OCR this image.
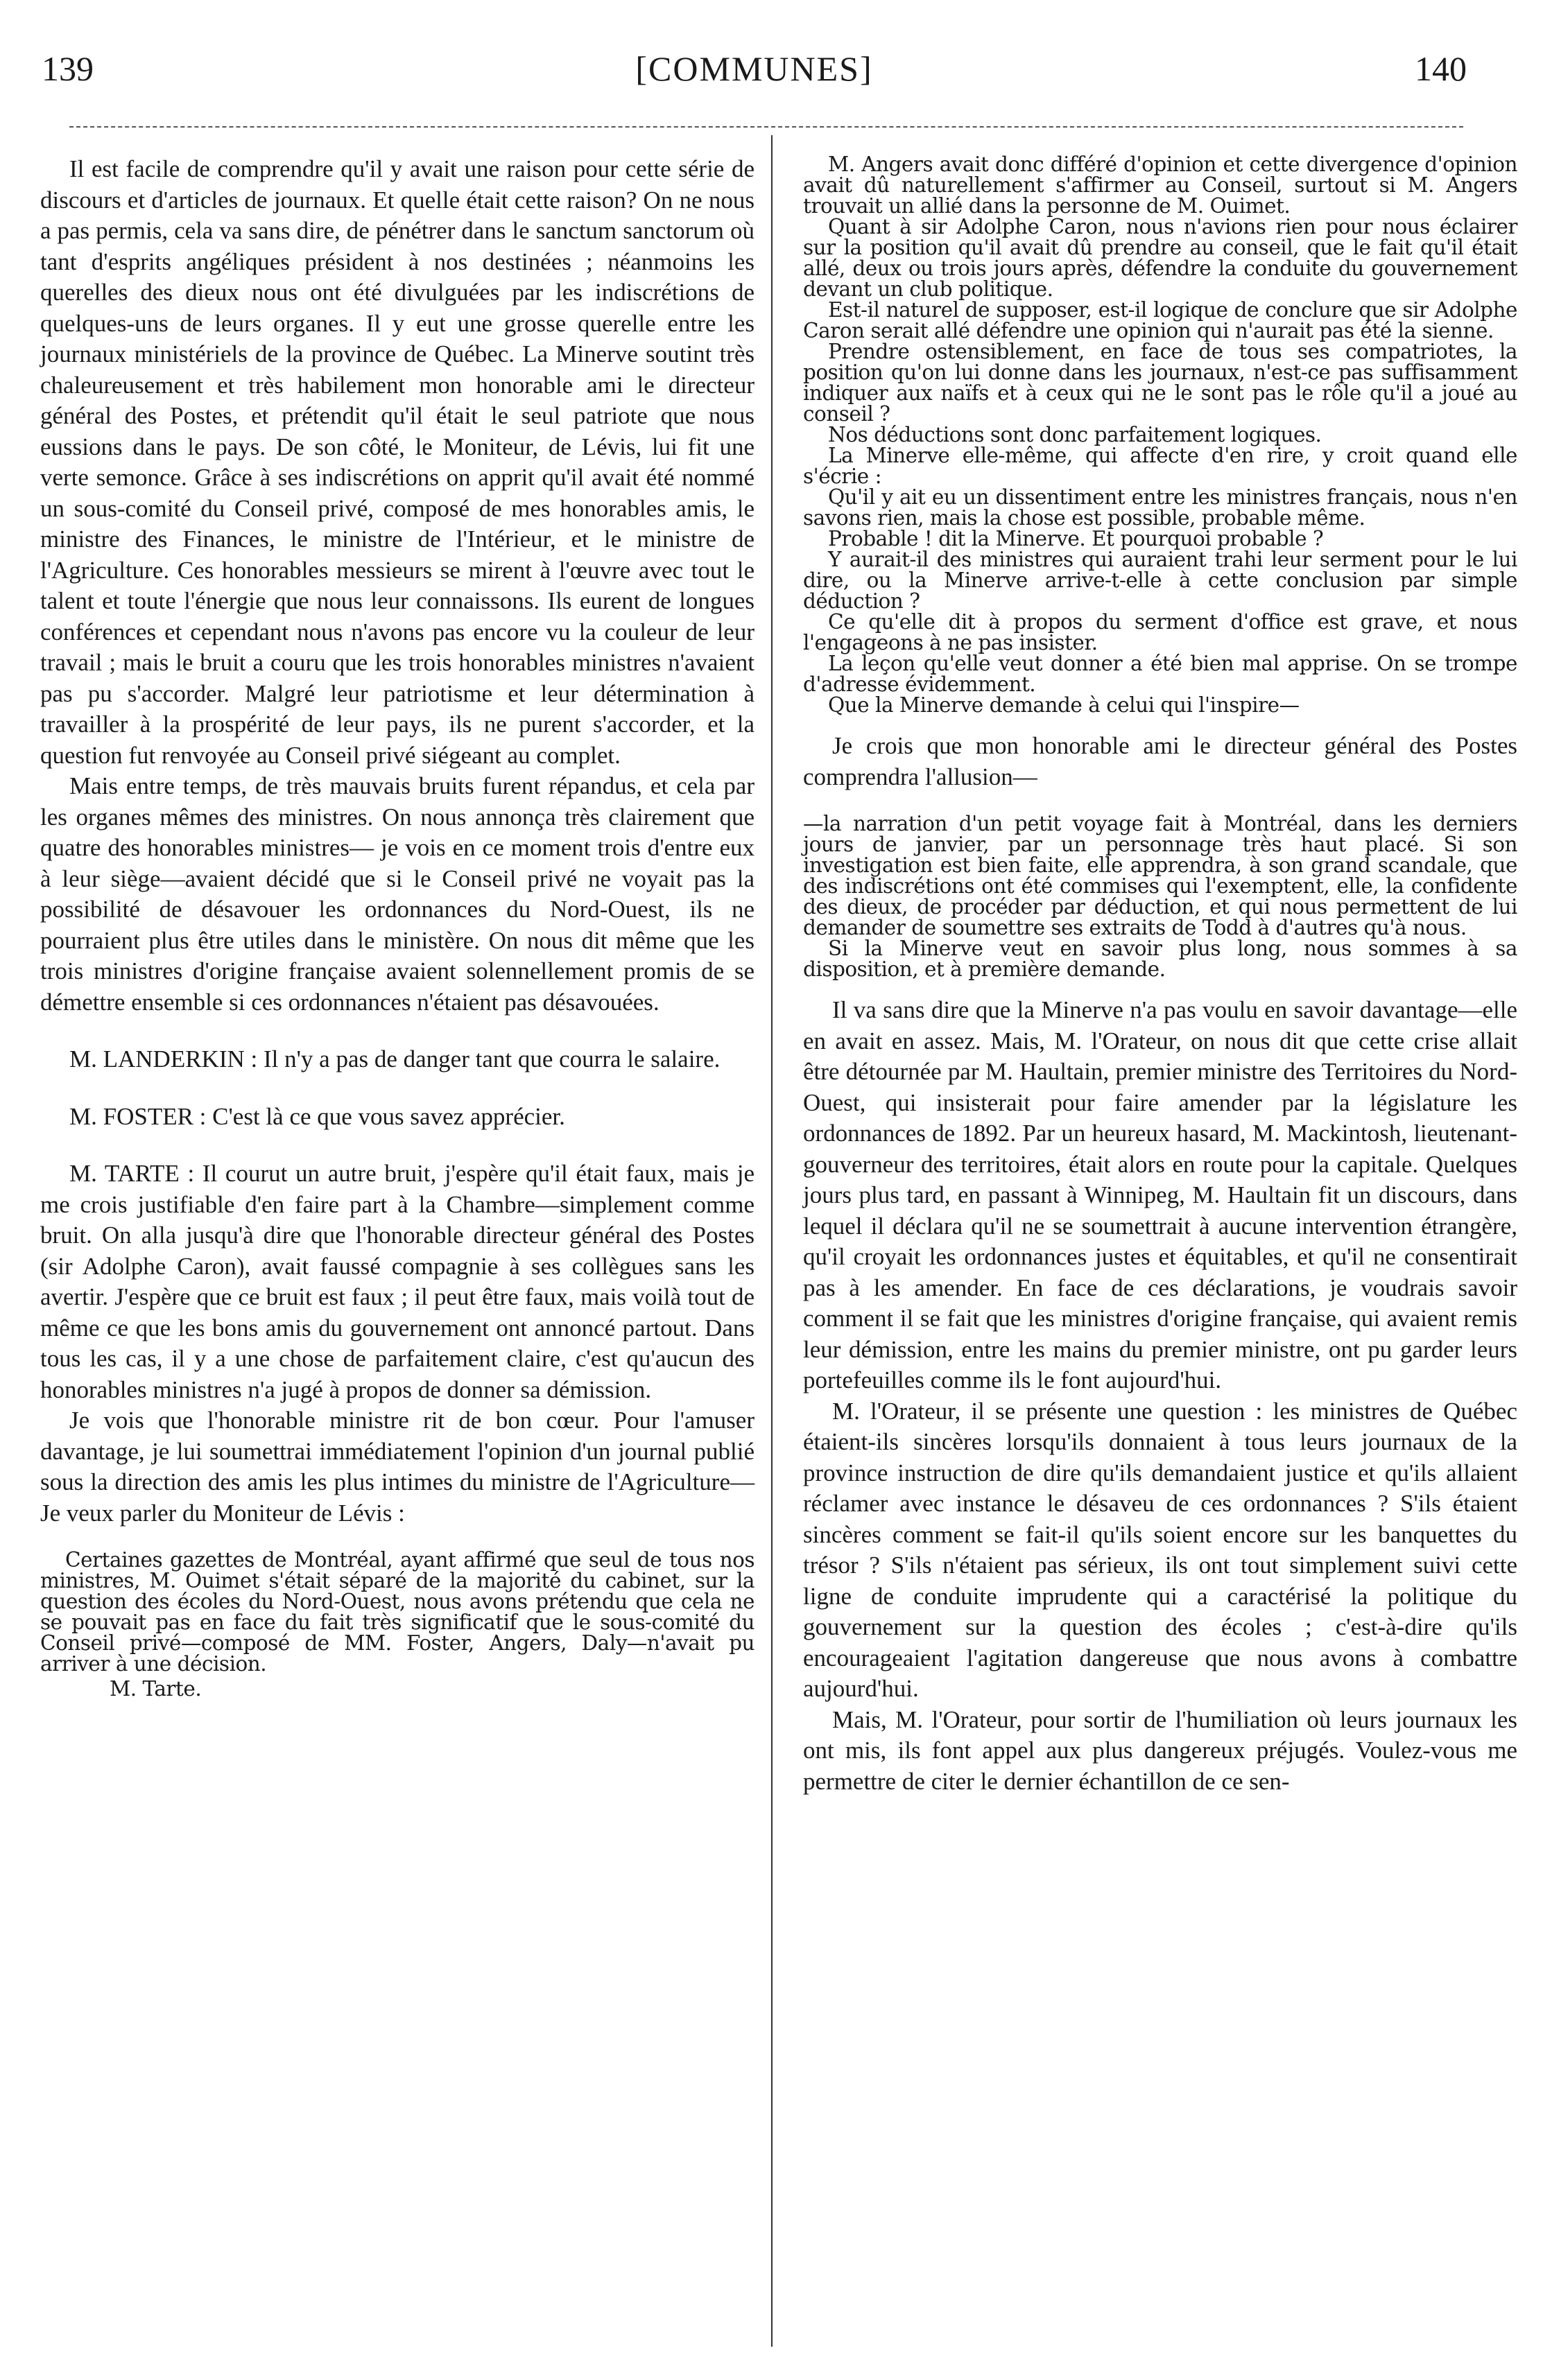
139	[COMMUNES]	140

Il est facile de comprendre qu'il y avait une raison pour cette série de discours et d'articles de journaux. Et quelle était cette raison? On ne nous a pas permis, cela va sans dire, de pénétrer dans le sanctum sanctorum où tant d'esprits angéliques président à nos destinées ; néanmoins les querelles des dieux nous ont été divulguées par les indiscrétions de quelques-uns de leurs organes. Il y eut une grosse querelle entre les journaux ministériels de la province de Québec. La Minerve soutint très chaleureusement et très habilement mon honorable ami le directeur général des Postes, et prétendit qu'il était le seul patriote que nous eussions dans le pays. De son côté, le Moniteur, de Lévis, lui fit une verte semonce. Grâce à ses indiscrétions on apprit qu'il avait été nommé un sous-comité du Conseil privé, composé de mes honorables amis, le ministre des Finances, le ministre de l'Intérieur, et le ministre de l'Agriculture. Ces honorables messieurs se mirent à l'œuvre avec tout le talent et toute l'énergie que nous leur connaissons. Ils eurent de longues conférences et cependant nous n'avons pas encore vu la couleur de leur travail ; mais le bruit a couru que les trois honorables ministres n'avaient pas pu s'accorder. Malgré leur patriotisme et leur détermination à travailler à la prospérité de leur pays, ils ne purent s'accorder, et la question fut renvoyée au Conseil privé siégeant au complet.

Mais entre temps, de très mauvais bruits furent répandus, et cela par les organes mêmes des ministres. On nous annonça très clairement que quatre des honorables ministres— je vois en ce moment trois d'entre eux à leur siège—avaient décidé que si le Conseil privé ne voyait pas la possibilité de désavouer les ordonnances du Nord-Ouest, ils ne pourraient plus être utiles dans le ministère. On nous dit même que les trois ministres d'origine française avaient solennellement promis de se démettre ensemble si ces ordonnances n'étaient pas désavouées.

M. LANDERKIN : Il n'y a pas de danger tant que courra le salaire.

M. FOSTER : C'est là ce que vous savez apprécier.

M. TARTE : Il courut un autre bruit, j'espère qu'il était faux, mais je me crois justifiable d'en faire part à la Chambre—simplement comme bruit. On alla jusqu'à dire que l'honorable directeur général des Postes (sir Adolphe Caron), avait faussé compagnie à ses collègues sans les avertir. J'espère que ce bruit est faux ; il peut être faux, mais voilà tout de même ce que les bons amis du gouvernement ont annoncé partout. Dans tous les cas, il y a une chose de parfaitement claire, c'est qu'aucun des honorables ministres n'a jugé à propos de donner sa démission.

Je vois que l'honorable ministre rit de bon cœur. Pour l'amuser davantage, je lui soumettrai immédiatement l'opinion d'un journal publié sous la direction des amis les plus intimes du ministre de l'Agriculture—Je veux parler du Moniteur de Lévis :

Certaines gazettes de Montréal, ayant affirmé que seul de tous nos ministres, M. Ouimet s'était séparé de la majorité du cabinet, sur la question des écoles du Nord-Ouest, nous avons prétendu que cela ne se pouvait pas en face du fait très significatif que le sous-comité du Conseil privé—composé de MM. Foster, Angers, Daly—n'avait pu arriver à une décision.

M. Tarte.

M. Angers avait donc différé d'opinion et cette divergence d'opinion avait dû naturellement s'affirmer au Conseil, surtout si M. Angers trouvait un allié dans la personne de M. Ouimet.

Quant à sir Adolphe Caron, nous n'avions rien pour nous éclairer sur la position qu'il avait dû prendre au conseil, que le fait qu'il était allé, deux ou trois jours après, défendre la conduite du gouvernement devant un club politique.

Est-il naturel de supposer, est-il logique de conclure que sir Adolphe Caron serait allé défendre une opinion qui n'aurait pas été la sienne.

Prendre ostensiblement, en face de tous ses compatriotes, la position qu'on lui donne dans les journaux, n'est-ce pas suffisamment indiquer aux naïfs et à ceux qui ne le sont pas le rôle qu'il a joué au conseil ?

Nos déductions sont donc parfaitement logiques.

La Minerve elle-même, qui affecte d'en rire, y croit quand elle s'écrie :

Qu'il y ait eu un dissentiment entre les ministres français, nous n'en savons rien, mais la chose est possible, probable même.

Probable ! dit la Minerve. Et pourquoi probable ?

Y aurait-il des ministres qui auraient trahi leur serment pour le lui dire, ou la Minerve arrive-t-elle à cette conclusion par simple déduction ?

Ce qu'elle dit à propos du serment d'office est grave, et nous l'engageons à ne pas insister.

La leçon qu'elle veut donner a été bien mal apprise. On se trompe d'adresse évidemment.

Que la Minerve demande à celui qui l'inspire—

Je crois que mon honorable ami le directeur général des Postes comprendra l'allusion—

—la narration d'un petit voyage fait à Montréal, dans les derniers jours de janvier, par un personnage très haut placé. Si son investigation est bien faite, elle apprendra, à son grand scandale, que des indiscrétions ont été commises qui l'exemptent, elle, la confidente des dieux, de procéder par déduction, et qui nous permettent de lui demander de soumettre ses extraits de Todd à d'autres qu'à nous.

Si la Minerve veut en savoir plus long, nous sommes à sa disposition, et à première demande.

Il va sans dire que la Minerve n'a pas voulu en savoir davantage—elle en avait en assez. Mais, M. l'Orateur, on nous dit que cette crise allait être détournée par M. Haultain, premier ministre des Territoires du Nord-Ouest, qui insisterait pour faire amender par la législature les ordonnances de 1892. Par un heureux hasard, M. Mackintosh, lieutenant-gouverneur des territoires, était alors en route pour la capitale. Quelques jours plus tard, en passant à Winnipeg, M. Haultain fit un discours, dans lequel il déclara qu'il ne se soumettrait à aucune intervention étrangère, qu'il croyait les ordonnances justes et équitables, et qu'il ne consentirait pas à les amender. En face de ces déclarations, je voudrais savoir comment il se fait que les ministres d'origine française, qui avaient remis leur démission, entre les mains du premier ministre, ont pu garder leurs portefeuilles comme ils le font aujourd'hui.

M. l'Orateur, il se présente une question : les ministres de Québec étaient-ils sincères lorsqu'ils donnaient à tous leurs journaux de la province instruction de dire qu'ils demandaient justice et qu'ils allaient réclamer avec instance le désaveu de ces ordonnances ? S'ils étaient sincères comment se fait-il qu'ils soient encore sur les banquettes du trésor ? S'ils n'étaient pas sérieux, ils ont tout simplement suivi cette ligne de conduite imprudente qui a caractérisé la politique du gouvernement sur la question des écoles ; c'est-à-dire qu'ils encourageaient l'agitation dangereuse que nous avons à combattre aujourd'hui.

Mais, M. l'Orateur, pour sortir de l'humiliation où leurs journaux les ont mis, ils font appel aux plus dangereux préjugés. Voulez-vous me permettre de citer le dernier échantillon de ce sen-
